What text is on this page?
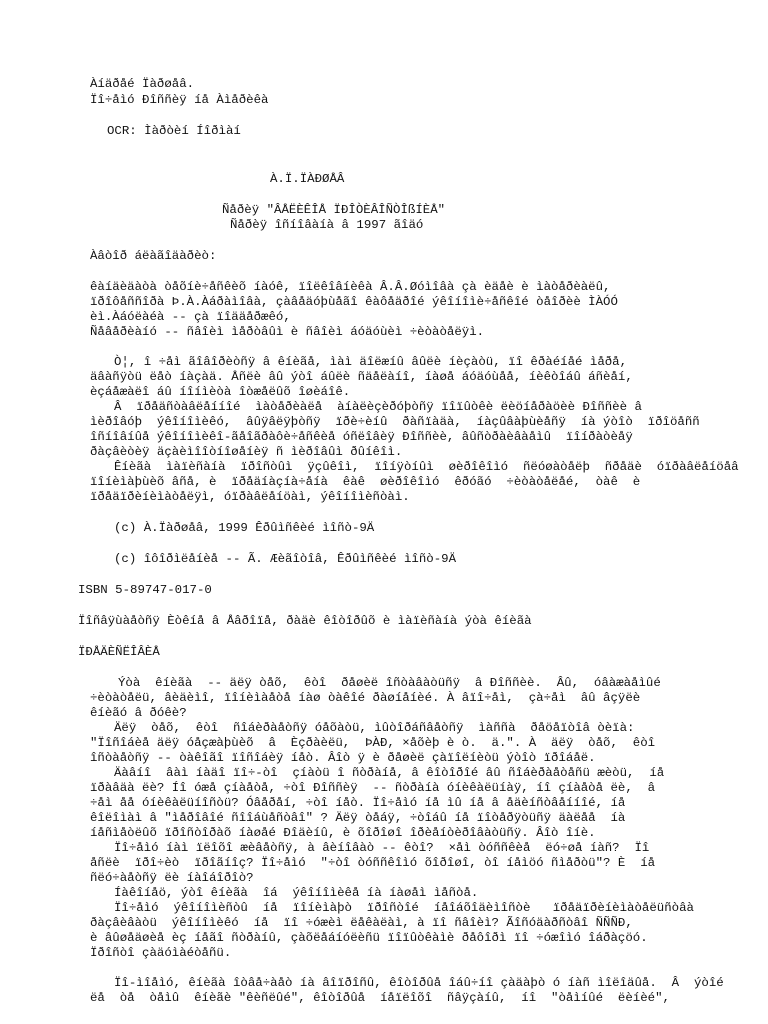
Àíäðåé Ïàðøåâ.
Ïî÷åìó Ðîññèÿ íå Àìåðèêà
OCR: Ìàðòèí Íîðìàí
À.Ï.ÏÀÐØÅÂ
Ñåðèÿ "ÂÅËÈÊÎÅ ÏÐÎÒÈÂÎÑÒÎßÍÈÅ"
Ñåðèÿ îñíîâàíà â 1997 ãîäó
Àâòîð áëàãîäàðèò:
êàíäèäàòà òåõíè÷åñêèõ íàóê, ïîëêîâíèêà Â.Â.Øóìîâà çà èäåè è ìàòåðèàëû,
ïðîôåññîðà Þ.À.Àáðàìîâà, çàâåäóþùåãî êàôåäðîé ýêîíîìè÷åñêîé òåîðèè ÌÀÓÓ
èì.Àáóëàéà -- çà ïîääåðæêó,
Ñåâåðèàíó -- ñâîèì ìåðòâûì è ñâîèì áóäóùèì ÷èòàòåëÿì.
Ò¦, î ÷åì ãîâîðèòñÿ â êíèãå, ìàì äîëæíû âûëè íèçàòü, ïî êðàéíåé ìåðå,
äâàñÿòü ëåò íàçàä. Åñëè âû ýòî áûëè ñäåëàíî, íàøå áóäóùåå, íèêòîáû áñèåí,
èçáåæàëî áû íîíìèòà îòæåëûõ îøèáîê.
Â  ïðåäñòàâëåííîé  ìàòåðèàëå  àíàëèçèðóþòñÿ ïîïûòêè ëèöíåðàöèè Ðîññèè â
ìèðîâóþ  ýêîíîìèêó,  âûÿâëÿþòñÿ  ïðè÷èíû  ðàñïàäà,  íàçûâàþùèåñÿ  íà ýòîò  ïðîöåññ
îñíîâíûå ýêîíîìèêî-ãåîãðàôè÷åñêèå óñëîâèÿ Ðîññèè, âûñòðàèâàåìû  ïîíðàòèåÿ
ðàçâèòèÿ äçàèìîîòíîøåíèÿ ñ ìèðîâûì ðûíêîì.
Êíèãà  ìàïèñàíà  ïðîñòûì  ÿçûêîì,  ïîíÿòíûì  øèðîêîìó  ñëóøàòåëþ  ñðåäè  óïðàâëåíöåâ
ïîíèìàþùèõ âñå, è  ïðåäíàçíà÷åíà  êàê  øèðîêîìó  êðóãó  ÷èòàòåëåé,  òàê  è
ïðåäïðèíèìàòåëÿì, óïðàâëåíöàì, ýêîíîìèñòàì.
(c) À.Ïàðøåâ, 1999 Êðûìñêèé ìîñò-9Ä
(c) îôîðìëåíèå -- Ã. Æèãîòîâ, Êðûìñêèé ìîñò-9Ä
ISBN 5-89747-017-0
Ïîñâÿùàåòñÿ Èòêíå â Åâðîïå, ðàäè êîòîðûõ è ìàïèñàíà ýòà êíèãà
ÏÐÅÄÈÑËÎÂÈÅ
Ýòà  êíèãà  -- äëÿ òåõ,  êòî  ðåøèë îñòàâàòüñÿ  â Ðîññèè.  Âû,  óâàæàåìûé
÷èòàòåëü, âèäèìî, ïîíèìàåòå íàø òàêîé ðàøíåíèé. À âïî÷åì,  çà÷åì  âû âçÿëè
êíèãó â ðóêè?
Äëÿ  òåõ,  êòî  ñîáèðàåòñÿ óåõàòü, ìûòîðáñâåòñÿ  ìàññà  ðåöåïòîâ òèïà:
"Ïîñîáèå äëÿ óåçæàþùèõ  â  Èçðàèëü,  ÞÀÐ, ×åõèþ è ò.  ä.". À  äëÿ  òåõ,  êòî
îñòàåòñÿ -- òàêîãî ïîñîáèÿ íåò. Âîò ÿ è ðåøèë çàïîëíèòü ýòîò ïðîáåë.
Äàâíî  âàì íàäî ïî÷-òî  çíàòü î ñòðàíå, â êîòîðîé âû ñîáèðàåòåñü æèòü,  íå
ïðàâäà ëè? Íî óæå çíàåòå, ÷òî Ðîññèÿ  -- ñòðàíà óíèêàëüíàÿ, íî çíàåòå ëè,  â
÷åì åå óíèêàëüíîñòü? Óâåðåí, ÷òî íåò. Ïî÷åìó íå ìû íå â åäèíñòâåííîé, íå
êîëîìàì â "ìåðîâîé ñîîáùåñòâî" ? Äëÿ òåáÿ, ÷òîáû íå ïîòåðÿòüñÿ äàëåå  íà
íåñìåòëûõ ïðîñòîðàõ íàøåé Ðîäèíû, è õîðîøî îðèåíòèðîâàòüñÿ. Âîò îíè.
Ïî÷åìó íàì ïëîõî æèâåòñÿ, à âèíîâàò -- êòî?  ×åì òóññêèå  ëó÷øå íàñ?  Ïî
åñëè  ïðî÷èò  ïðîãíîç? Ïî÷åìó  "÷òî òóññêîìó õîðîøî, òî íåìöó ñìåðòü"? È  íå
ñëó÷àåòñÿ ëè íàîáîðîò?
Íàêîíåö, ýòî êíèãà  îá  ýêîíîìèêå íà íàøåì ìåñòå.
Ïî÷åìó  ýêîíîìèñòû  íå  ïîíèìàþò  ïðîñòîé  íåîáõîäèìîñòè   ïðåäïðèíèìàòåëüñòâà
ðàçâèâàòü  ýêîíîìèêó  íå  ïî ÷óæèì ëåêàëàì, à ïî ñâîèì? Ãîñóäàðñòâî ÑÑÑÐ,
è âûøåäøèå èç íåãî ñòðàíû, çàõëåáíóëèñü ïîïûòêàìè ðåôîðì ïî ÷óæîìó îáðàçöó.
Ïðîñòî çàäóìàéòåñü.
Ïî-ìîåìó, êíèãà îòâå÷àåò íà âîïðîñû, êîòîðûå îáû÷íî çàäàþò ó íàñ ìîëîäûå.  Â  ýòîé
ëå  òå  òåìû  êíèãè "êèñëûé", êîòîðûå  íåïëîõî  ñâÿçàíû,  íî  "òåìíûé  ëèíèé",
